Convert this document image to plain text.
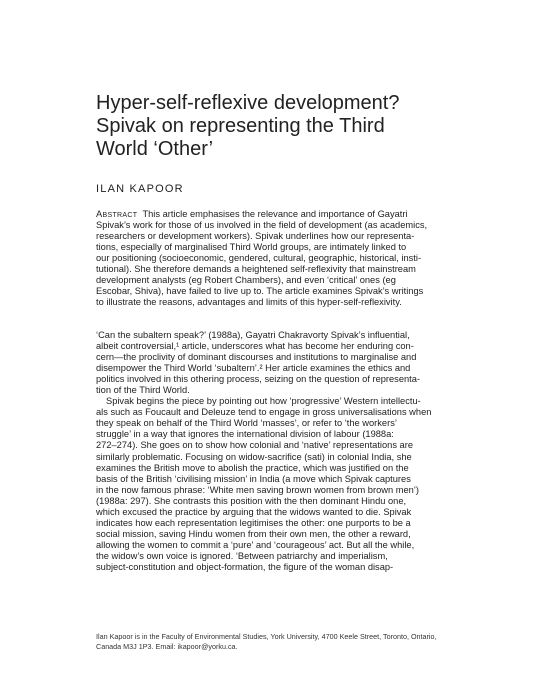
Hyper-self-reflexive development?
Spivak on representing the Third
World ‘Other’
ILAN KAPOOR
Abstract This article emphasises the relevance and importance of Gayatri
Spivak’s work for those of us involved in the field of development (as academics,
researchers or development workers). Spivak underlines how our representa-
tions, especially of marginalised Third World groups, are intimately linked to
our positioning (socioeconomic, gendered, cultural, geographic, historical, insti-
tutional). She therefore demands a heightened self-reflexivity that mainstream
development analysts (eg Robert Chambers), and even ‘critical’ ones (eg
Escobar, Shiva), have failed to live up to. The article examines Spivak’s writings
to illustrate the reasons, advantages and limits of this hyper-self-reflexivity.
‘Can the subaltern speak?’ (1988a), Gayatri Chakravorty Spivak’s influential,
albeit controversial,¹ article, underscores what has become her enduring con-
cern—the proclivity of dominant discourses and institutions to marginalise and
disempower the Third World ‘subaltern’.² Her article examines the ethics and
politics involved in this othering process, seizing on the question of representa-
tion of the Third World.
Spivak begins the piece by pointing out how ‘progressive’ Western intellectu-
als such as Foucault and Deleuze tend to engage in gross universalisations when
they speak on behalf of the Third World ‘masses’, or refer to ‘the workers’
struggle’ in a way that ignores the international division of labour (1988a:
272–274). She goes on to show how colonial and ‘native’ representations are
similarly problematic. Focusing on widow-sacrifice (sati) in colonial India, she
examines the British move to abolish the practice, which was justified on the
basis of the British ‘civilising mission’ in India (a move which Spivak captures
in the now famous phrase: ‘White men saving brown women from brown men’)
(1988a: 297). She contrasts this position with the then dominant Hindu one,
which excused the practice by arguing that the widows wanted to die. Spivak
indicates how each representation legitimises the other: one purports to be a
social mission, saving Hindu women from their own men, the other a reward,
allowing the women to commit a ‘pure’ and ‘courageous’ act. But all the while,
the widow’s own voice is ignored. ‘Between patriarchy and imperialism,
subject-constitution and object-formation, the figure of the woman disap-
Ilan Kapoor is in the Faculty of Environmental Studies, York University, 4700 Keele Street, Toronto, Ontario,
Canada M3J 1P3. Email: ikapoor@yorku.ca.
